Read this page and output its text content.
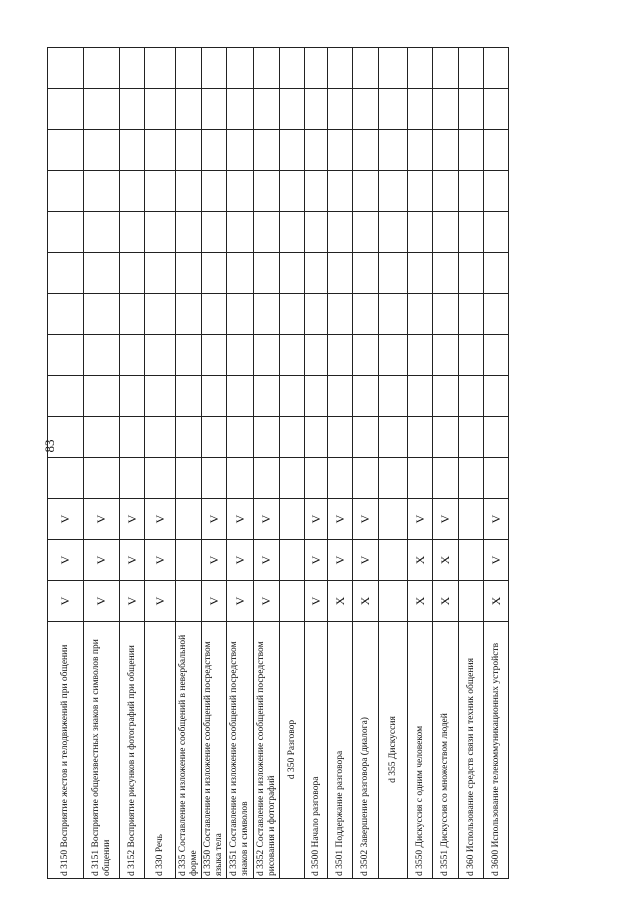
83
d 3150 Восприятие жестов и телодвижений при общении	V	V	V											
d 3151 Восприятие общеизвестных знаков и символов при общении	V	V	V											
d 3152 Восприятие рисунков и фотографий при общении	V	V	V											
d 330 Речь	V	V	V											
d 335 Составление и изложение сообщений в невербальной форме														
d 3350 Составление и изложение сообщений посредством языка тела	V	V	V											
d 3351 Составление и изложение сообщений посредством знаков и символов	V	V	V											
d 3352 Составление и изложение сообщений посредством рисования и фотографий	V	V	V											
d 350 Разговор														
d 3500 Начало разговора	V	V	V											
d 3501 Поддержание разговора	X	V	V											
d 3502 Завершение разговора (диалога)	X	V	V											
d 355 Дискуссия														
d 3550 Дискуссия с одним человеком	X	X	V											
d 3551 Дискуссия со множеством людей	X	X	V											
d 360 Использование средств связи и техник общения														
d 3600 Использование телекоммуникационных устройств	X	V	V											
